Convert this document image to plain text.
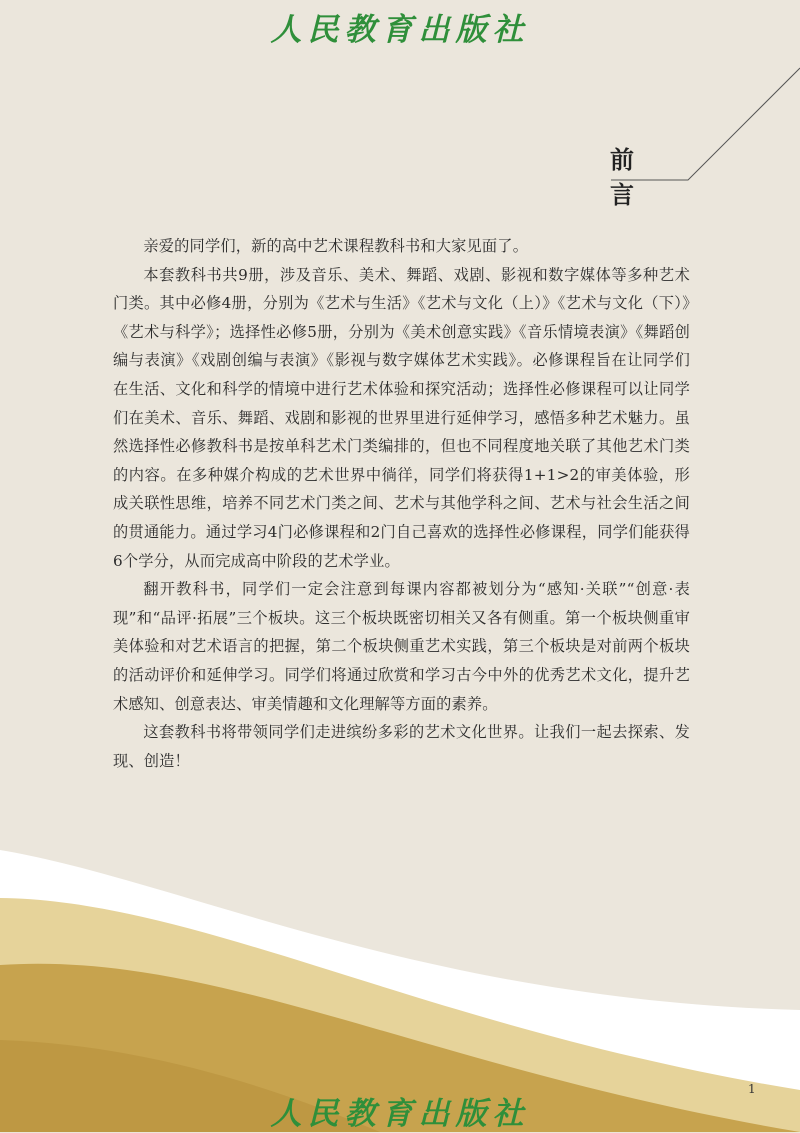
人民教育出版社
前言

亲爱的同学们，新的高中艺术课程教科书和大家见面了。

本套教科书共9册，涉及音乐、美术、舞蹈、戏剧、影视和数字媒体等多种艺术门类。其中必修4册，分别为《艺术与生活》《艺术与文化（上）》《艺术与文化（下）》《艺术与科学》；选择性必修5册，分别为《美术创意实践》《音乐情境表演》《舞蹈创编与表演》《戏剧创编与表演》《影视与数字媒体艺术实践》。必修课程旨在让同学们在生活、文化和科学的情境中进行艺术体验和探究活动；选择性必修课程可以让同学们在美术、音乐、舞蹈、戏剧和影视的世界里进行延伸学习，感悟多种艺术魅力。虽然选择性必修教科书是按单科艺术门类编排的，但也不同程度地关联了其他艺术门类的内容。在多种媒介构成的艺术世界中徜徉，同学们将获得1+1>2的审美体验，形成关联性思维，培养不同艺术门类之间、艺术与其他学科之间、艺术与社会生活之间的贯通能力。通过学习4门必修课程和2门自己喜欢的选择性必修课程，同学们能获得6个学分，从而完成高中阶段的艺术学业。

翻开教科书，同学们一定会注意到每课内容都被划分为“感知·关联”“创意·表现”和“品评·拓展”三个板块。这三个板块既密切相关又各有侧重。第一个板块侧重审美体验和对艺术语言的把握，第二个板块侧重艺术实践，第三个板块是对前两个板块的活动评价和延伸学习。同学们将通过欣赏和学习古今中外的优秀艺术文化，提升艺术感知、创意表达、审美情趣和文化理解等方面的素养。

这套教科书将带领同学们走进缤纷多彩的艺术文化世界。让我们一起去探索、发现、创造！

1

人民教育出版社
